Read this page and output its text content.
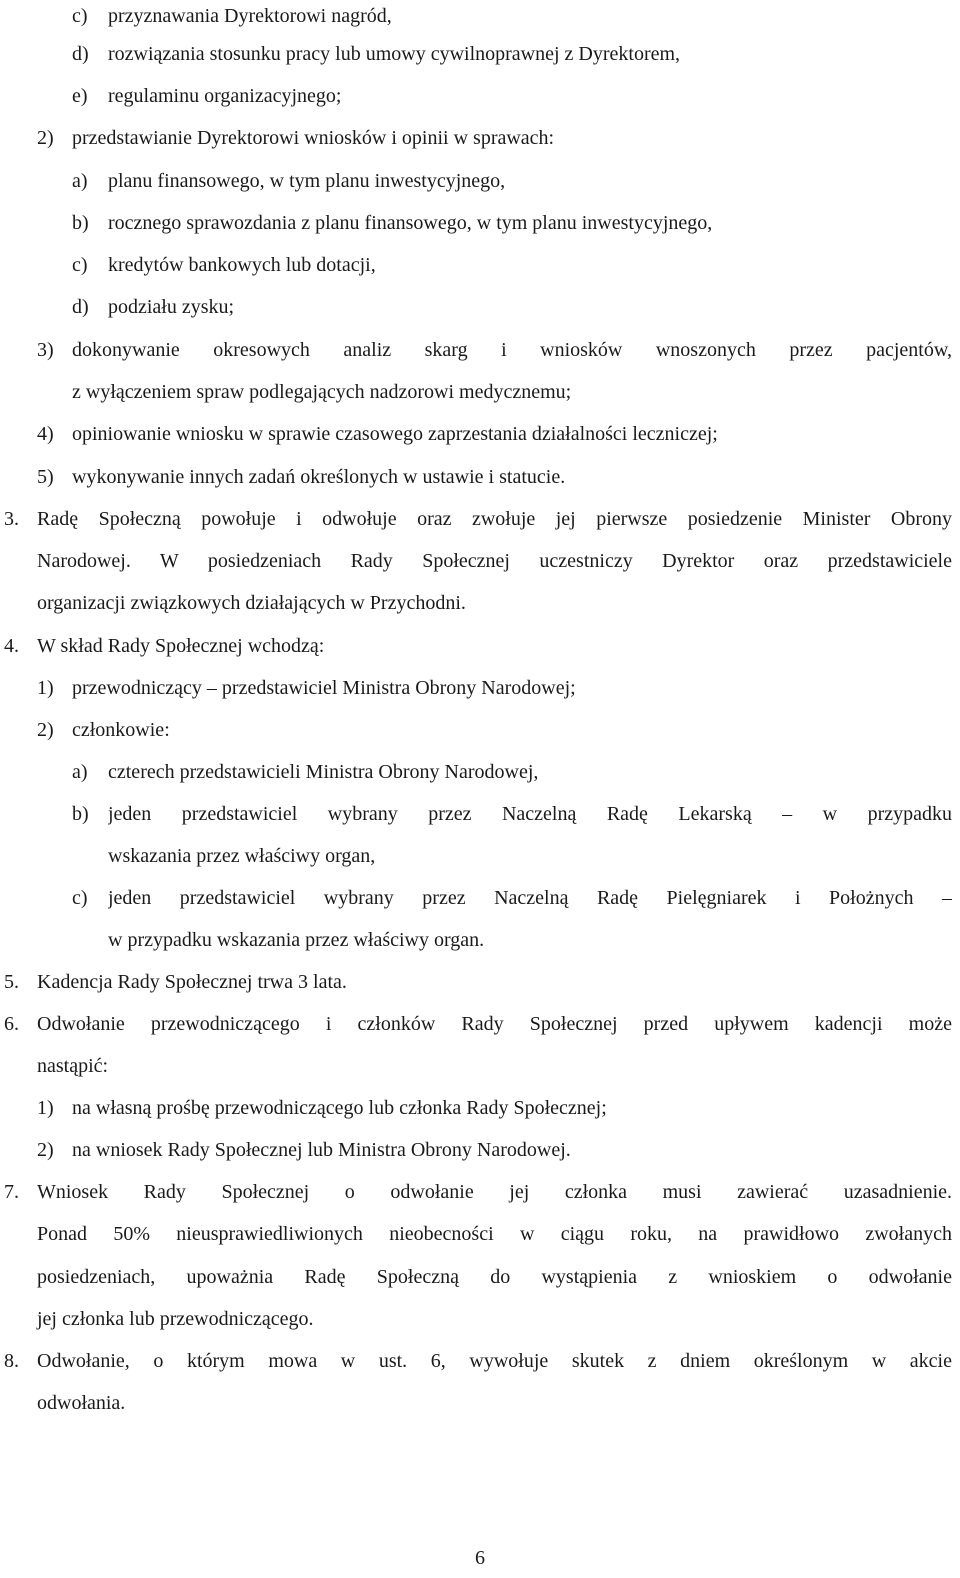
c) przyznawania Dyrektorowi nagród,
d) rozwiązania stosunku pracy lub umowy cywilnoprawnej z Dyrektorem,
e) regulaminu organizacyjnego;
2) przedstawianie Dyrektorowi wniosków i opinii w sprawach:
a) planu finansowego, w tym planu inwestycyjnego,
b) rocznego sprawozdania z planu finansowego, w tym planu inwestycyjnego,
c) kredytów bankowych lub dotacji,
d) podziału zysku;
3) dokonywanie okresowych analiz skarg i wniosków wnoszonych przez pacjentów,
z wyłączeniem spraw podlegających nadzorowi medycznemu;
4) opiniowanie wniosku w sprawie czasowego zaprzestania działalności leczniczej;
5) wykonywanie innych zadań określonych w ustawie i statucie.
3. Radę Społeczną powołuje i odwołuje oraz zwołuje jej pierwsze posiedzenie Minister Obrony
Narodowej. W posiedzeniach Rady Społecznej uczestniczy Dyrektor oraz przedstawiciele
organizacji związkowych działających w Przychodni.
4. W skład Rady Społecznej wchodzą:
1) przewodniczący – przedstawiciel Ministra Obrony Narodowej;
2) członkowie:
a) czterech przedstawicieli Ministra Obrony Narodowej,
b) jeden przedstawiciel wybrany przez Naczelną Radę Lekarską – w przypadku
wskazania przez właściwy organ,
c) jeden przedstawiciel wybrany przez Naczelną Radę Pielęgniarek i Położnych –
w przypadku wskazania przez właściwy organ.
5. Kadencja Rady Społecznej trwa 3 lata.
6. Odwołanie przewodniczącego i członków Rady Społecznej przed upływem kadencji może
nastąpić:
1) na własną prośbę przewodniczącego lub członka Rady Społecznej;
2) na wniosek Rady Społecznej lub Ministra Obrony Narodowej.
7. Wniosek Rady Społecznej o odwołanie jej członka musi zawierać uzasadnienie.
Ponad 50% nieusprawiedliwionych nieobecności w ciągu roku, na prawidłowo zwołanych
posiedzeniach, upoważnia Radę Społeczną do wystąpienia z wnioskiem o odwołanie
jej członka lub przewodniczącego.
8. Odwołanie, o którym mowa w ust. 6, wywołuje skutek z dniem określonym w akcie
odwołania.
6
